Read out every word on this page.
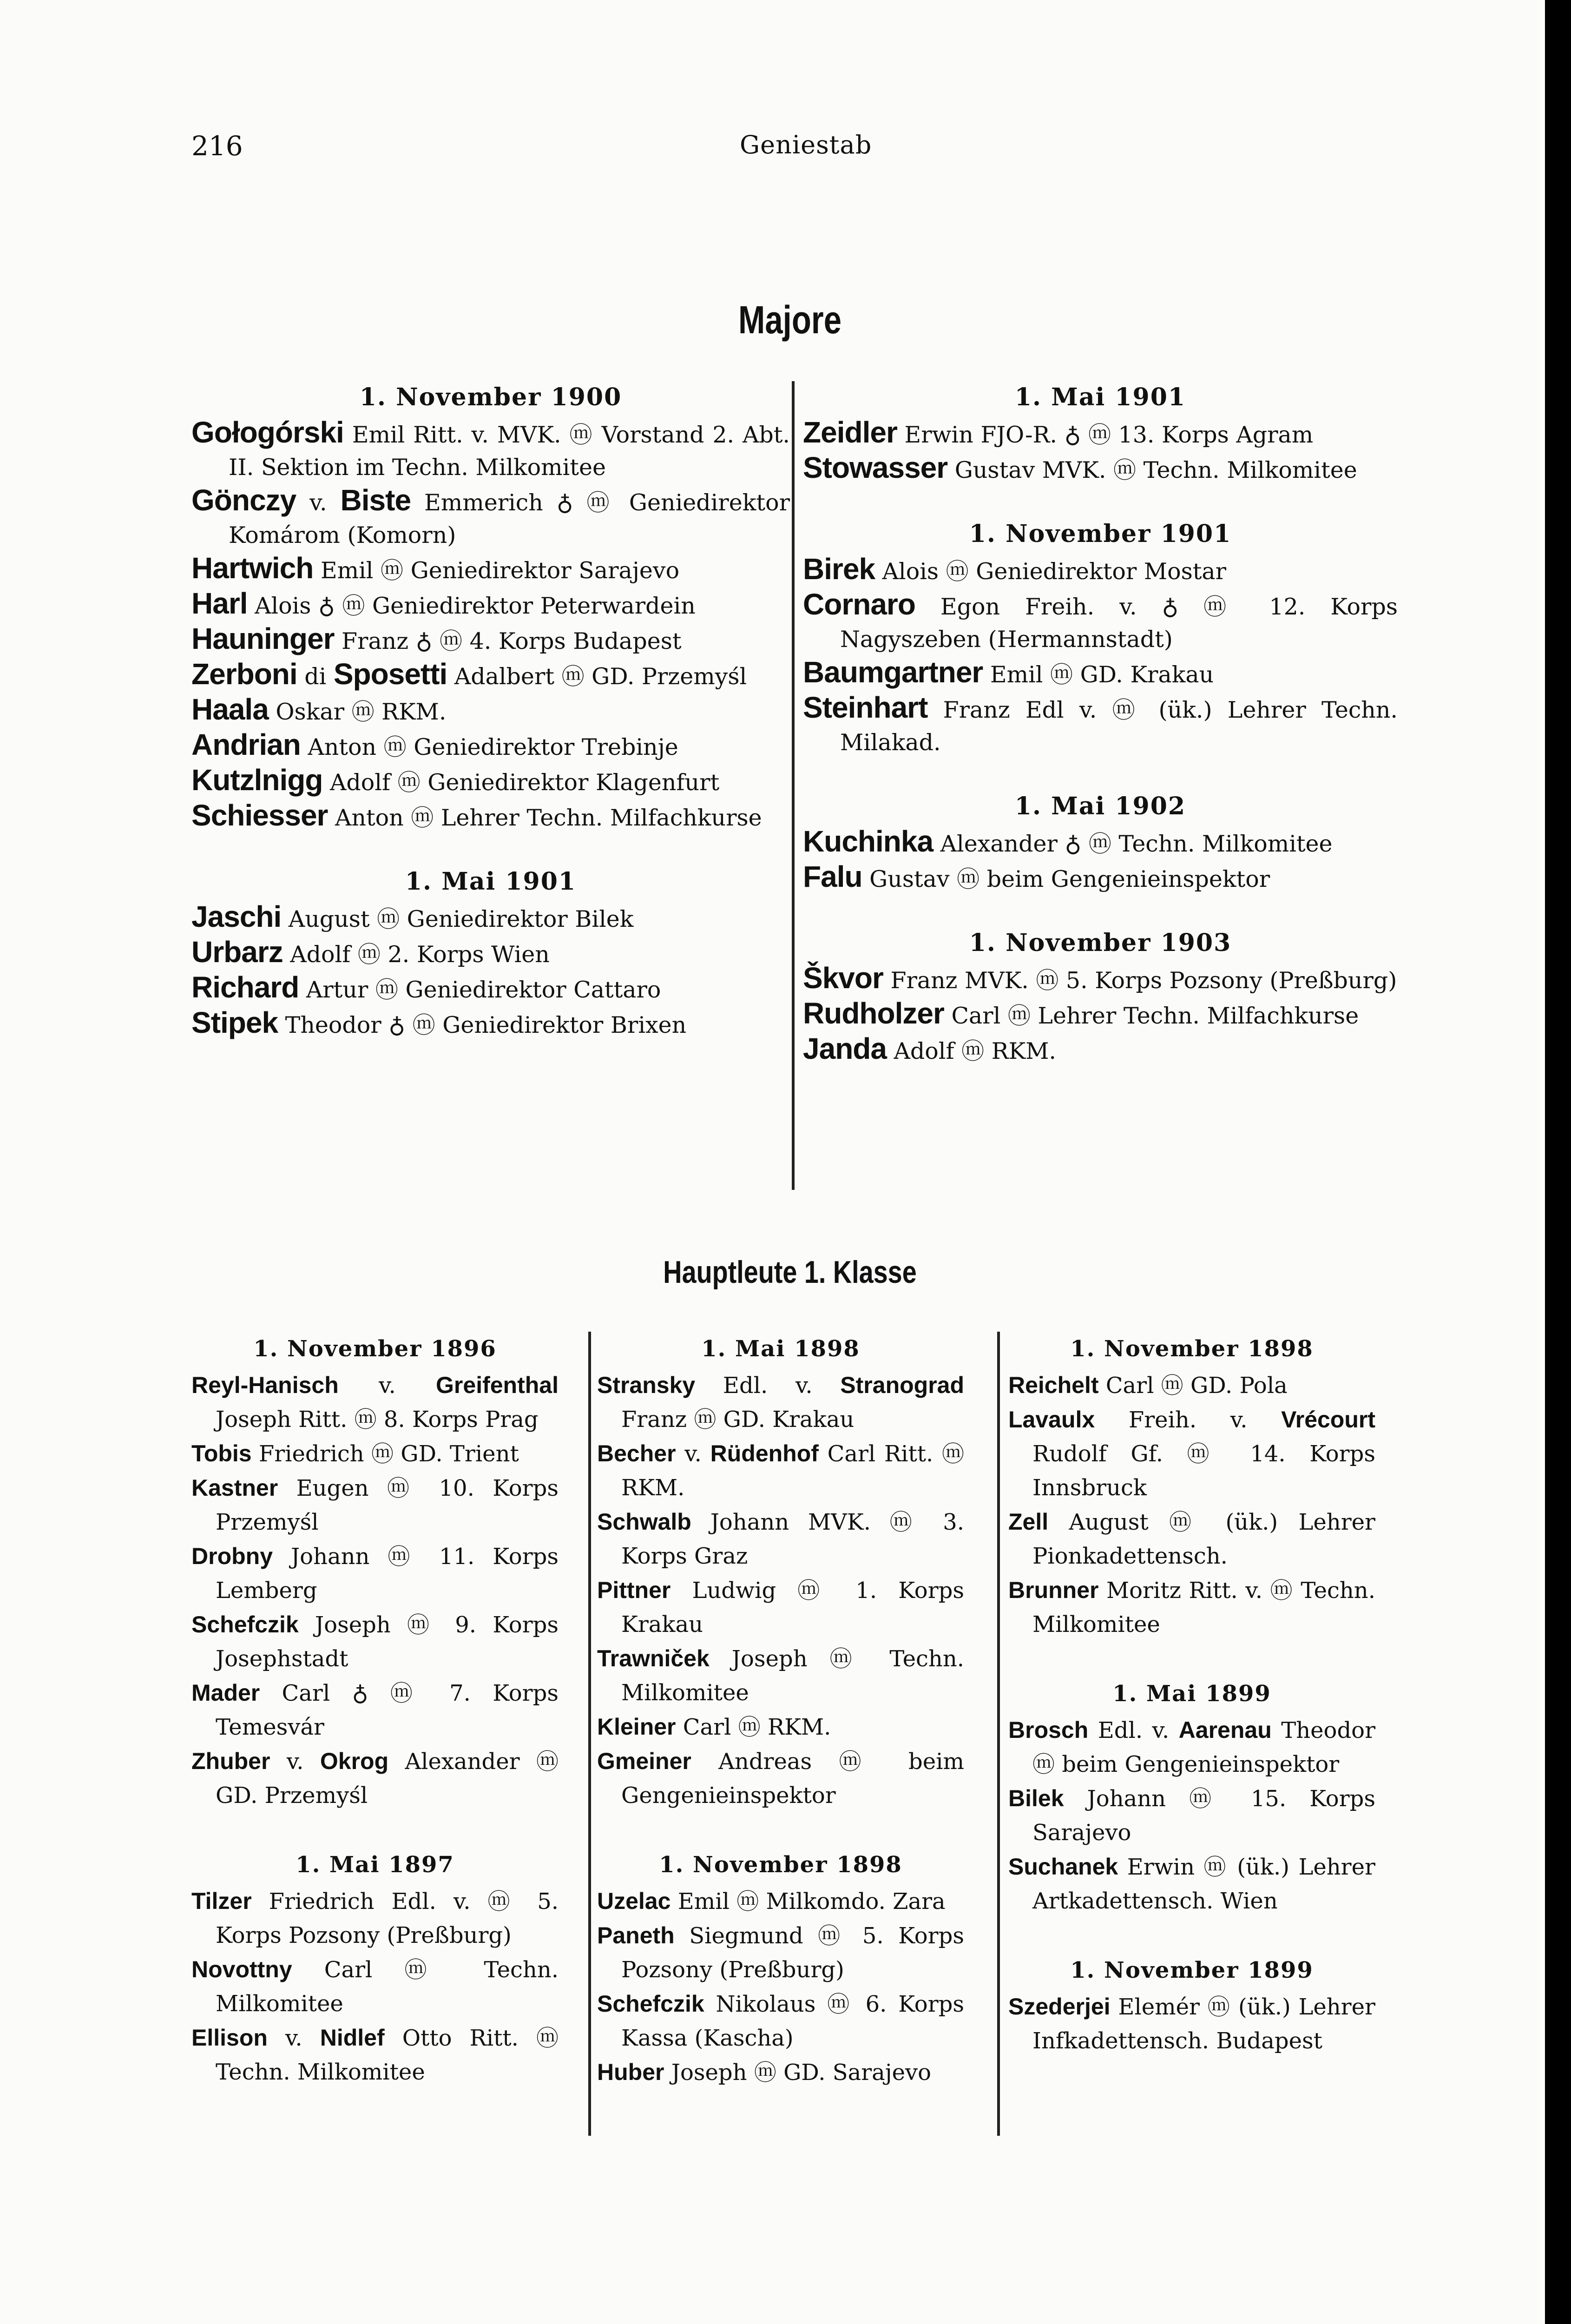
216	Geniestab
Majore
1. November 1900

Gołogórski Emil Ritt. v. MVK. ⓜ Vorstand 2. Abt. II. Sektion im Techn. Milkomitee

Gönczy v. Biste Emmerich ♁ ⓜ Geniedirektor Komárom (Komorn)

Hartwich Emil ⓜ Geniedirektor Sarajevo

Harl Alois ♁ ⓜ Geniedirektor Peterwardein

Hauninger Franz ♁ ⓜ 4. Korps Budapest

Zerboni di Sposetti Adalbert ⓜ GD. Przemyśl

Haala Oskar ⓜ RKM.

Andrian Anton ⓜ Geniedirektor Trebinje

Kutzlnigg Adolf ⓜ Geniedirektor Klagenfurt

Schiesser Anton ⓜ Lehrer Techn. Milfachkurse

1. Mai 1901

Jaschi August ⓜ Geniedirektor Bilek

Urbarz Adolf ⓜ 2. Korps Wien

Richard Artur ⓜ Geniedirektor Cattaro

Stipek Theodor ♁ ⓜ Geniedirektor Brixen

1. Mai 1901

Zeidler Erwin FJO-R. ♁ ⓜ 13. Korps Agram

Stowasser Gustav MVK. ⓜ Techn. Milkomitee

1. November 1901

Birek Alois ⓜ Geniedirektor Mostar

Cornaro Egon Freih. v. ♁ ⓜ 12. Korps Nagyszeben (Hermannstadt)

Baumgartner Emil ⓜ GD. Krakau

Steinhart Franz Edl v. ⓜ (ük.) Lehrer Techn. Milakad.

1. Mai 1902

Kuchinka Alexander ♁ ⓜ Techn. Milkomitee

Falu Gustav ⓜ beim Gengenieinspektor

1. November 1903

Škvor Franz MVK. ⓜ 5. Korps Pozsony (Preßburg)

Rudholzer Carl ⓜ Lehrer Techn. Milfachkurse

Janda Adolf ⓜ RKM.

Hauptleute 1. Klasse
1. November 1896

Reyl-Hanisch v. Greifenthal Joseph Ritt. ⓜ 8. Korps Prag

Tobis Friedrich ⓜ GD. Trient

Kastner Eugen ⓜ 10. Korps Przemyśl

Drobny Johann ⓜ 11. Korps Lemberg

Schefczik Joseph ⓜ 9. Korps Josephstadt

Mader Carl ♁ ⓜ 7. Korps Temesvár

Zhuber v. Okrog Alexander ⓜ GD. Przemyśl

1. Mai 1897

Tilzer Friedrich Edl. v. ⓜ 5. Korps Pozsony (Preßburg)

Novottny Carl ⓜ Techn. Milkomitee

Ellison v. Nidlef Otto Ritt. ⓜ Techn. Milkomitee

1. Mai 1898

Stransky Edl. v. Stranograd Franz ⓜ GD. Krakau

Becher v. Rüdenhof Carl Ritt. ⓜ RKM.

Schwalb Johann MVK. ⓜ 3. Korps Graz

Pittner Ludwig ⓜ 1. Korps Krakau

Trawniček Joseph ⓜ Techn. Milkomitee

Kleiner Carl ⓜ RKM.

Gmeiner Andreas ⓜ beim Gengenieinspektor

1. November 1898

Uzelac Emil ⓜ Milkomdo. Zara

Paneth Siegmund ⓜ 5. Korps Pozsony (Preßburg)

Schefczik Nikolaus ⓜ 6. Korps Kassa (Kascha)

Huber Joseph ⓜ GD. Sarajevo

1. November 1898

Reichelt Carl ⓜ GD. Pola

Lavaulx Freih. v. Vrécourt Rudolf Gf. ⓜ 14. Korps Innsbruck

Zell August ⓜ (ük.) Lehrer Pionkadettensch.

Brunner Moritz Ritt. v. ⓜ Techn. Milkomitee

1. Mai 1899

Brosch Edl. v. Aarenau Theodor ⓜ beim Gengenieinspektor

Bilek Johann ⓜ 15. Korps Sarajevo

Suchanek Erwin ⓜ (ük.) Lehrer Artkadettensch. Wien

1. November 1899

Szederjei Elemér ⓜ (ük.) Lehrer Infkadettensch. Budapest
